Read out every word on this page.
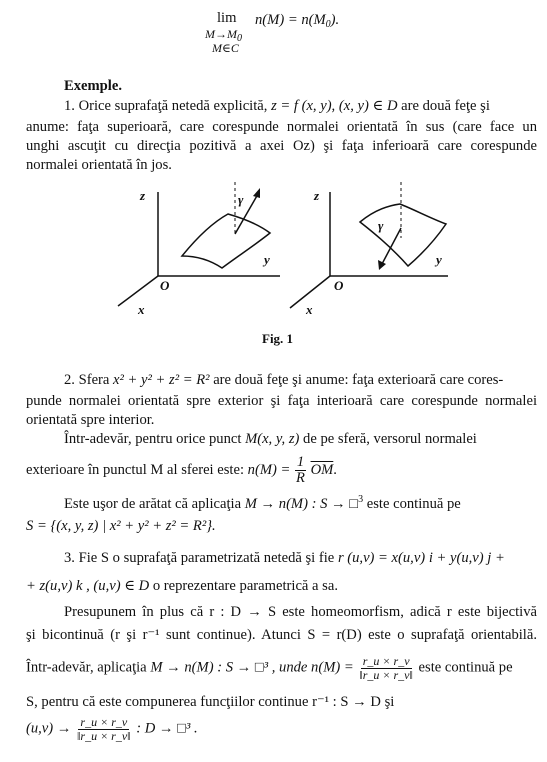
lim
$M\to M_0$
M∈C
$n(M) = n(M_0)$.
Exemple.
1. Orice suprafaţă netedă explicită, z = f (x, y), (x, y) ∈ D are două feţe şi
anume: faţa superioară, care corespunde normalei orientată în sus (care face un
unghi ascuţit cu direcţia pozitivă a axei Oz) şi faţa inferioară care corespunde
normalei orientată în jos.
z
y
x
O
γ	z
y
x
O
γ
Fig. 1
2. Sfera x² + y² + z² = R² are două feţe şi anume: faţa exterioară care cores-
punde normalei orientată spre exterior şi faţa interioară care corespunde normalei
orientată spre interior.
Într-adevăr, pentru orice punct M(x, y, z) de pe sferă, versorul normalei
exterioare în punctul M al sferei este: $n(M) = \frac{1}{R} \overline{OM}$.
Este uşor de arătat că aplicaţia M → n(M) : S → □$^3$ este continuă pe
S = {(x, y, z) | x² + y² + z² = R²}.
3. Fie S o suprafaţă parametrizată netedă şi fie r (u,v) = x(u,v) i + y(u,v) j +
+ z(u,v) k , (u,v) ∈ D o reprezentare parametrică a sa.
Presupunem în plus că r : D → S este homeomorfism, adică r este bijectivă
şi bicontinuă (r şi r⁻¹ sunt continue). Atunci S = r(D) este o suprafaţă orientabilă.
Într-adevăr, aplicaţia M → n(M) : S → □³ , unde $n(M) = \frac{r\_u \times r\_v}{‖r\_u \times r\_v‖}$ este continuă pe
S, pentru că este compunerea funcţiilor continue r⁻¹ : S → D şi
$(u,v) \to \frac{r\_u \times r\_v}{‖r\_u \times r\_v‖}$ : D → □³ .
